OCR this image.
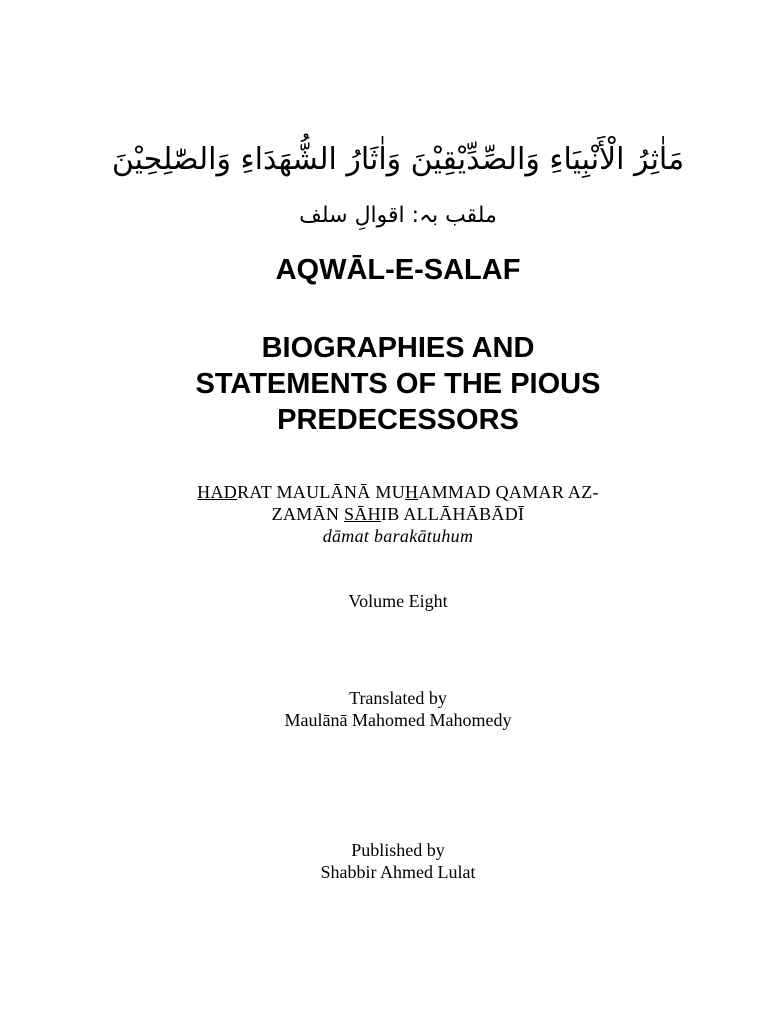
مَاٰثِرُ الْأَنْبِيَاءِ وَالصِّدِّيْقِيْنَ وَاٰثَارُ الشُّهَدَاءِ وَالصّٰلِحِيْنَ
ملقب بہ: اقوالِ سلف
AQWĀL-E-SALAF
BIOGRAPHIES AND
STATEMENTS OF THE PIOUS
PREDECESSORS
HADRAT MAULĀNĀ MUHAMMAD QAMAR AZ-
ZAMĀN SĀHIB ALLĀHĀBĀDĪ
dāmat barakātuhum
Volume Eight
Translated by
Maulānā Mahomed Mahomedy
Published by
Shabbir Ahmed Lulat
